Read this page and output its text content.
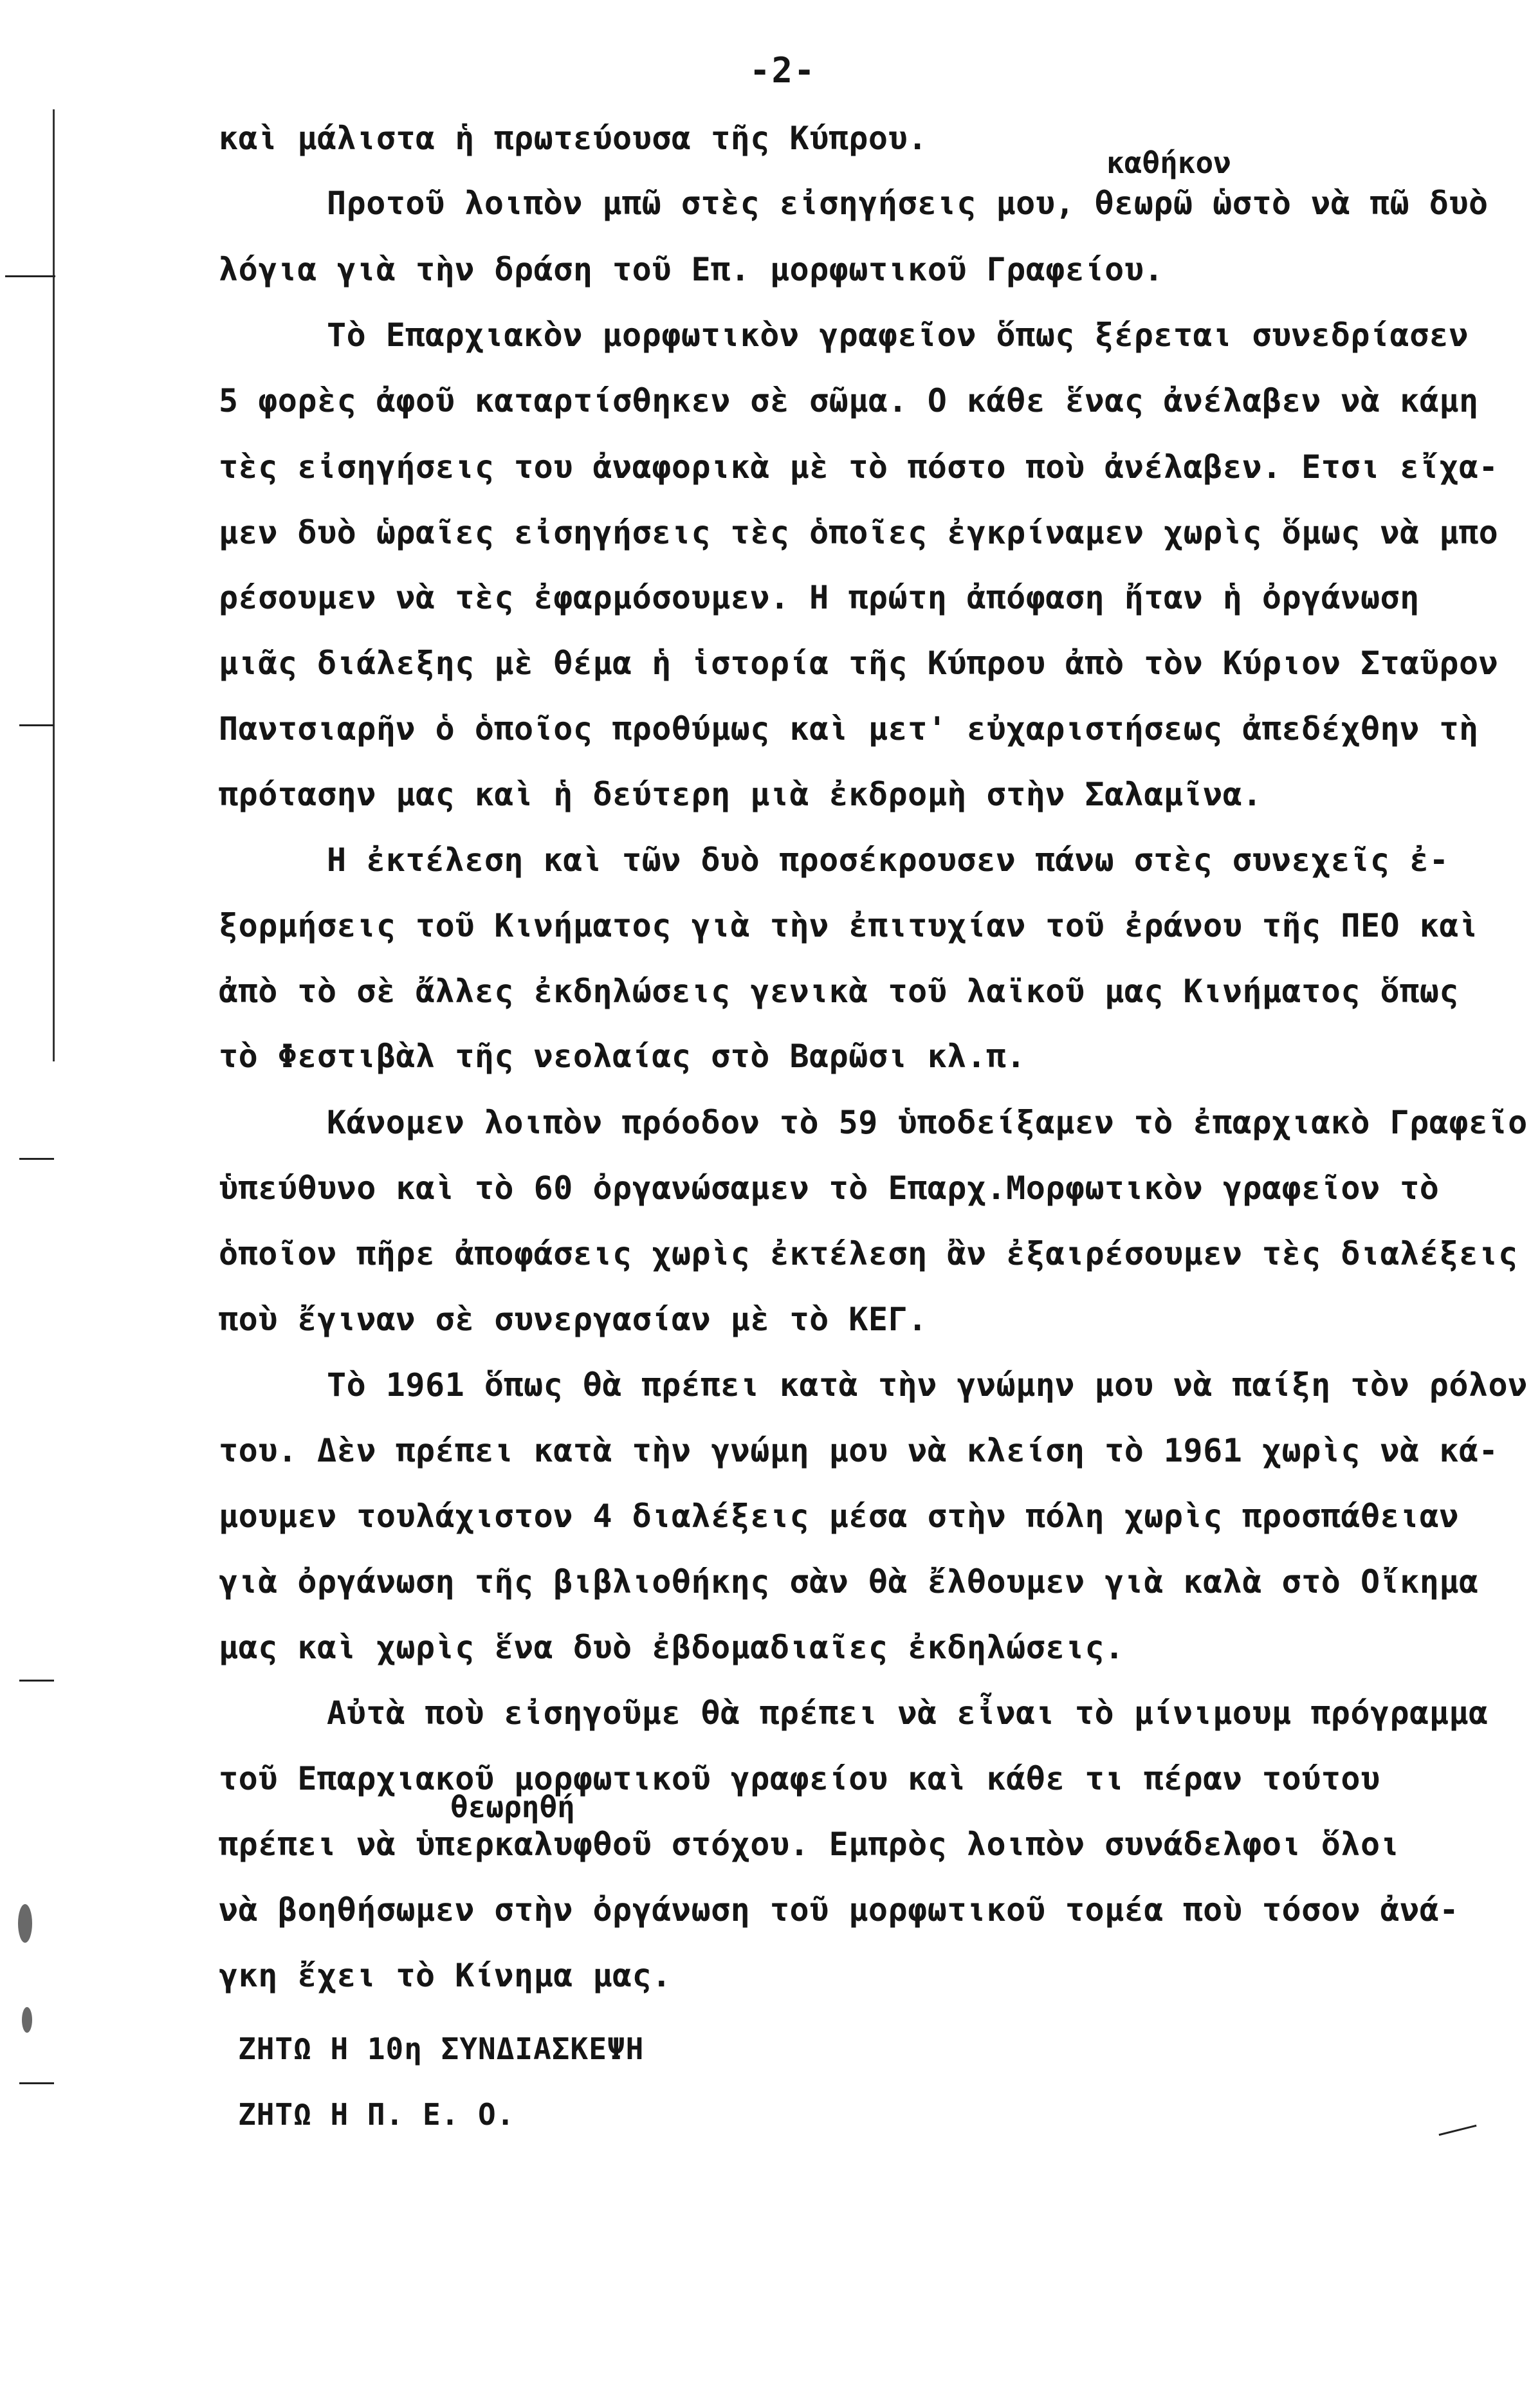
-2-
καθήκον
θεωρηθή
καὶ μάλιστα ἡ πρωτεύουσα τῆς Κύπρου.
Προτοῦ λοιπὸν μπῶ στὲς εἰσηγήσεις μου, θεωρῶ ὡστὸ νὰ πῶ δυὸ
λόγια γιὰ τὴν δράση τοῦ Επ. μορφωτικοῦ Γραφείου.
Τὸ Επαρχιακὸν μορφωτικὸν γραφεῖον ὅπως ξέρεται συνεδρίασεν
5 φορὲς ἀφοῦ καταρτίσθηκεν σὲ σῶμα. Ο κάθε ἕνας ἀνέλαβεν νὰ κάμη
τὲς εἰσηγήσεις του ἀναφορικὰ μὲ τὸ πόστο ποὺ ἀνέλαβεν. Ετσι εἴχα-
μεν δυὸ ὡραῖες εἰσηγήσεις τὲς ὁποῖες ἐγκρίναμεν χωρὶς ὅμως νὰ μπο
ρέσουμεν νὰ τὲς ἐφαρμόσουμεν. Η πρώτη ἀπόφαση ἤταν ἡ ὀργάνωση
μιᾶς διάλεξης μὲ θέμα ἡ ἱστορία τῆς Κύπρου ἀπὸ τὸν Κύριον Σταῦρον
Παντσιαρῆν ὁ ὁποῖος προθύμως καὶ μετ' εὐχαριστήσεως ἀπεδέχθην τὴ
πρότασην μας καὶ ἡ δεύτερη μιὰ ἐκδρομὴ στὴν Σαλαμῖνα.
Η ἐκτέλεση καὶ τῶν δυὸ προσέκρουσεν πάνω στὲς συνεχεῖς ἐ-
ξορμήσεις τοῦ Κινήματος γιὰ τὴν ἐπιτυχίαν τοῦ ἐράνου τῆς ΠΕΟ καὶ
ἀπὸ τὸ σὲ ἄλλες ἐκδηλώσεις γενικὰ τοῦ λαϊκοῦ μας Κινήματος ὅπως
τὸ Φεστιβὰλ τῆς νεολαίας στὸ Βαρῶσι κλ.π.
Κάνομεν λοιπὸν πρόοδον τὸ 59 ὑποδείξαμεν τὸ ἐπαρχιακὸ Γραφεῖο
ὑπεύθυνο καὶ τὸ 60 ὀργανώσαμεν τὸ Επαρχ.Μορφωτικὸν γραφεῖον τὸ
ὁποῖον πῆρε ἀποφάσεις χωρὶς ἐκτέλεση ἂν ἐξαιρέσουμεν τὲς διαλέξεις
ποὺ ἔγιναν σὲ συνεργασίαν μὲ τὸ ΚΕΓ.
Τὸ 1961 ὅπως θὰ πρέπει κατὰ τὴν γνώμην μου νὰ παίξη τὸν ρόλον
του. Δὲν πρέπει κατὰ τὴν γνώμη μου νὰ κλείση τὸ 1961 χωρὶς νὰ κά-
μουμεν τουλάχιστον 4 διαλέξεις μέσα στὴν πόλη χωρὶς προσπάθειαν
γιὰ ὀργάνωση τῆς βιβλιοθήκης σὰν θὰ ἔλθουμεν γιὰ καλὰ στὸ Οἴκημα
μας καὶ χωρὶς ἕνα δυὸ ἐβδομαδιαῖες ἐκδηλώσεις.
Αὐτὰ ποὺ εἰσηγοῦμε θὰ πρέπει νὰ εἶναι τὸ μίνιμουμ πρόγραμμα
τοῦ Επαρχιακοῦ μορφωτικοῦ γραφείου καὶ κάθε τι πέραν τούτου
πρέπει νὰ ὑπερκαλυφθοῦ στόχου. Εμπρὸς λοιπὸν συνάδελφοι ὅλοι
νὰ βοηθήσωμεν στὴν ὀργάνωση τοῦ μορφωτικοῦ τομέα ποὺ τόσον ἀνά-
γκη ἔχει τὸ Κίνημα μας.
ΖΗΤΩ Η 10η ΣΥΝΔΙΑΣΚΕΨΗ
ΖΗΤΩ Η Π. Ε. Ο.
